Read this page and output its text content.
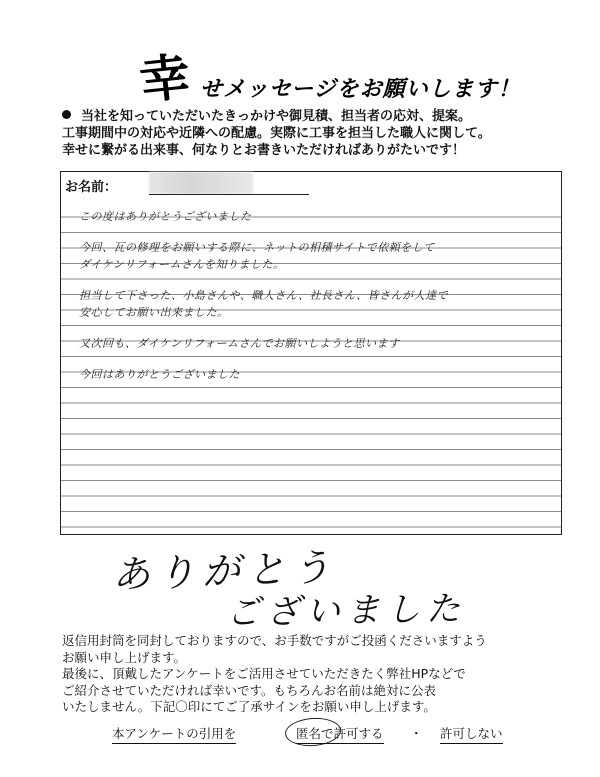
幸 せメッセージをお願いします！
当社を知っていただいたきっかけや御見積、担当者の応対、提案。
工事期間中の対応や近隣への配慮。実際に工事を担当した職人に関して。
幸せに繋がる出来事、何なりとお書きいただければありがたいです！
お名前：
この度はありがとうございました
今回、瓦の修理をお願いする際に、ネットの相積サイトで依頼をして
ダイケンリフォームさんを知りました。
担当して下さった、小島さんや、職人さん、社長さん、皆さんが人達で
安心してお願い出来ました。
又次回も、ダイケンリフォームさんでお願いしようと思います
今回はありがとうございました
ありがとう
ございました
返信用封筒を同封しておりますので、お手数ですがご投函くださいますよう
お願い申し上げます。
最後に、頂戴したアンケートをご活用させていただきたく弊社HPなどで
ご紹介させていただければ幸いです。もちろんお名前は絶対に公表
いたしません。下記〇印にてご了承サインをお願い申し上げます。
本アンケートの引用を	匿名で許可する ・ 許可しない
